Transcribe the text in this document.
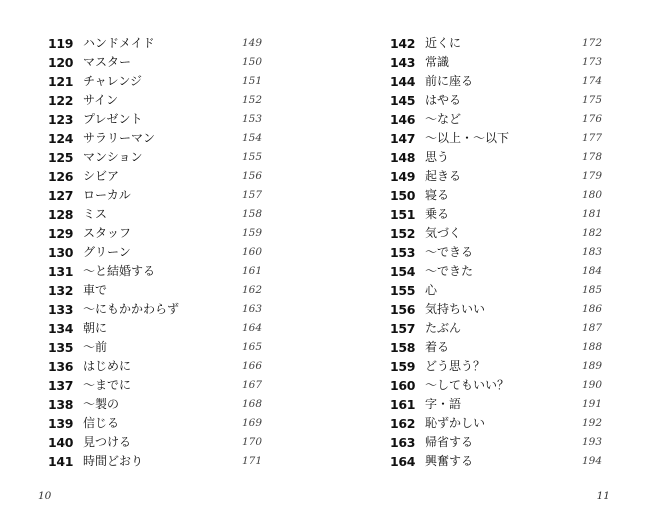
119 ハンドメイド	149
120 マスター	150
121 チャレンジ	151
122 サイン	152
123 プレゼント	153
124 サラリーマン	154
125 マンション	155
126 シビア	156
127 ローカル	157
128 ミス	158
129 スタッフ	159
130 グリーン	160
131 ～と結婚する	161
132 車で	162
133 ～にもかかわらず	163
134 朝に	164
135 ～前	165
136 はじめに	166
137 ～までに	167
138 ～製の	168
139 信じる	169
140 見つける	170
141 時間どおり	171
142 近くに	172
143 常識	173
144 前に座る	174
145 はやる	175
146 ～など	176
147 ～以上・～以下	177
148 思う	178
149 起きる	179
150 寝る	180
151 乗る	181
152 気づく	182
153 ～できる	183
154 ～できた	184
155 心	185
156 気持ちいい	186
157 たぶん	187
158 着る	188
159 どう思う？	189
160 ～してもいい？	190
161 字・語	191
162 恥ずかしい	192
163 帰省する	193
164 興奮する	194
10	11
